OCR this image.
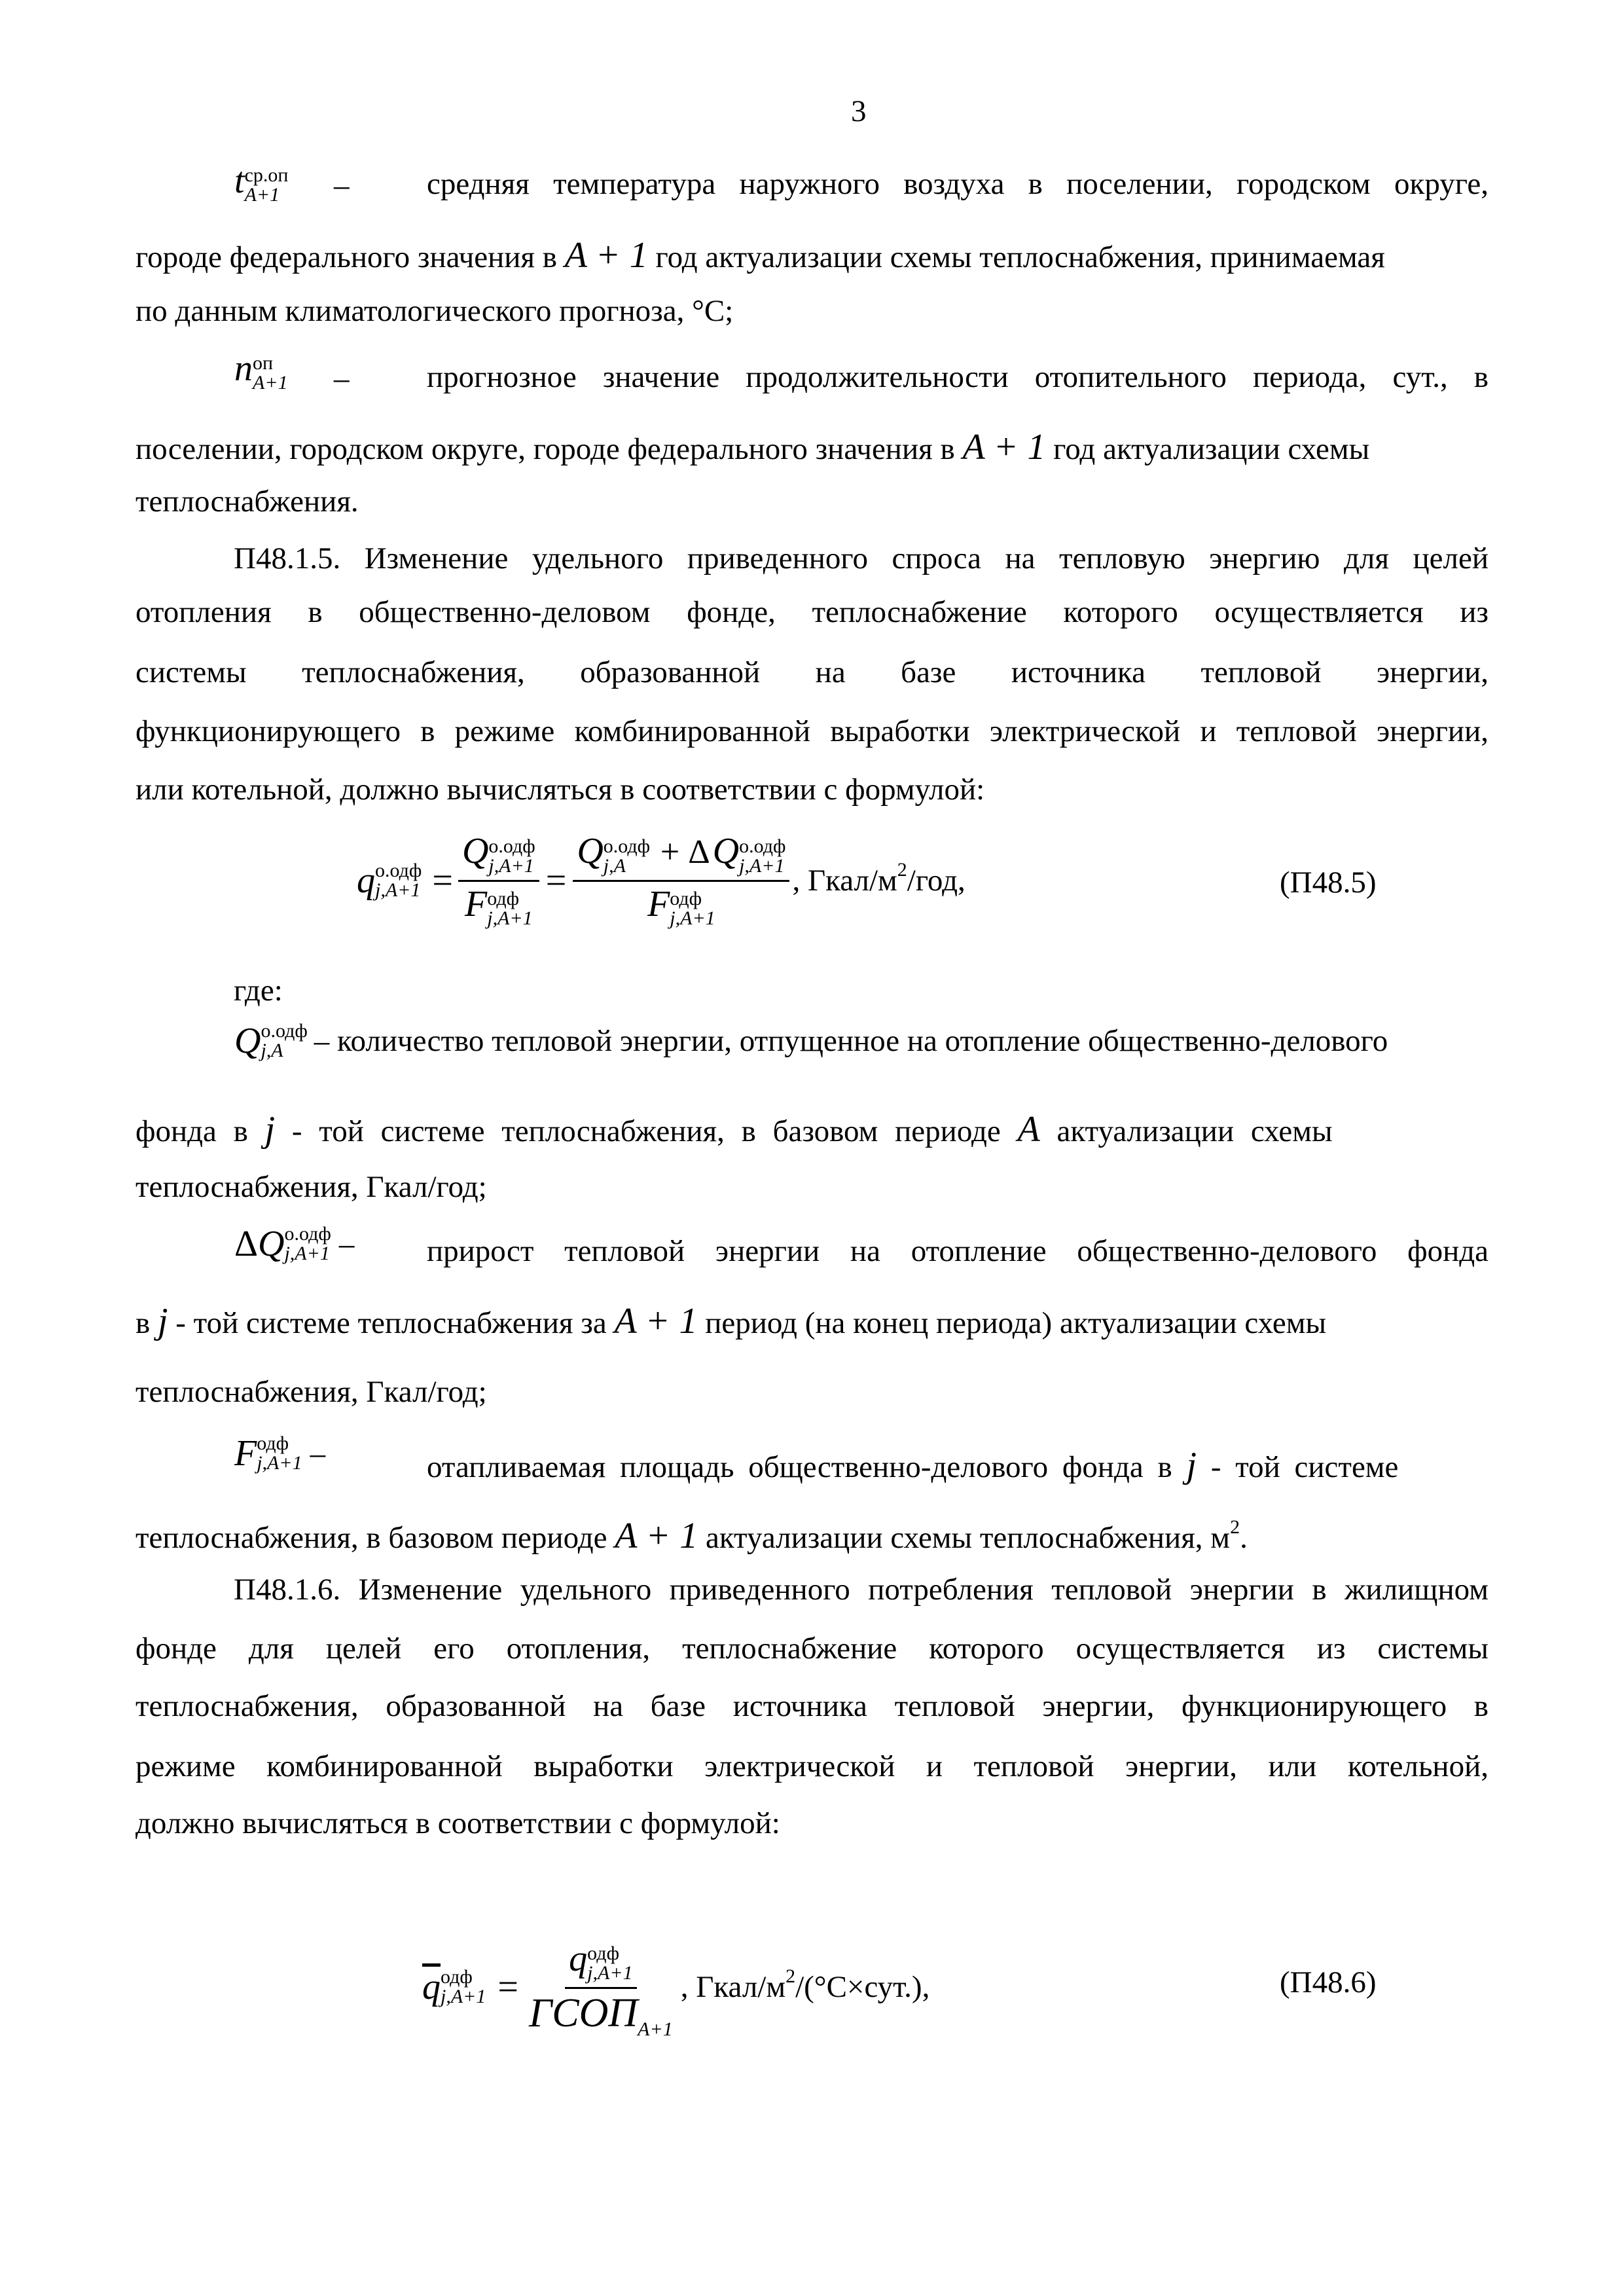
3
t ср.оп
A+1 –	средняя температура наружного воздуха в поселении, городском округе,
городе федерального значения в A + 1 год актуализации схемы теплоснабжения, принимаемая
по данным климатологического прогноза, °С;
n оп
A+1 –	прогнозное значение продолжительности отопительного периода, сут., в
поселении, городском округе, городе федерального значения в A + 1 год актуализации схемы
теплоснабжения.
П48.1.5. Изменение удельного приведенного спроса на тепловую энергию для целей
отопления в общественно-деловом фонде, теплоснабжение которого осуществляется из
системы теплоснабжения, образованной на базе источника тепловой энергии,
функционирующего в режиме комбинированной выработки электрической и тепловой энергии,
или котельной, должно вычисляться в соответствии с формулой:
q о.одф
j,A+1 = Q о.одф
j,A+1
F одф
j,A+1 = Q о.одф
j,A	+ ΔQ о.одф
j,A+1
F одф
j,A+1 , Гкал/$м^2$/год,	(П48.5)
где:
Q о.одф
j,A	– количество тепловой энергии, отпущенное на отопление общественно-делового
фонда в j - той системе теплоснабжения, в базовом периоде A актуализации схемы
теплоснабжения, Гкал/год;
Δ Q о.одф
j,A+1 – прирост тепловой энергии на отопление общественно-делового фонда
в j - той системе теплоснабжения за A + 1 период (на конец периода) актуализации схемы
теплоснабжения, Гкал/год;
F одф
j,A+1 –	отапливаемая площадь общественно-делового фонда в j - той системе
теплоснабжения, в базовом периоде A + 1 актуализации схемы теплоснабжения, $м^2$.
П48.1.6. Изменение удельного приведенного потребления тепловой энергии в жилищном
фонде для целей его отопления, теплоснабжение которого осуществляется из системы
теплоснабжения, образованной на базе источника тепловой энергии, функционирующего в
режиме комбинированной выработки электрической и тепловой энергии, или котельной,
должно вычисляться в соответствии с формулой:
$\overline{q}$ одф
j,A+1 = q одф
j,A+1
$ГСОП_{A+1}$ , Гкал/$м^2/(^\circ С\times сут.)$,	(П48.6)
